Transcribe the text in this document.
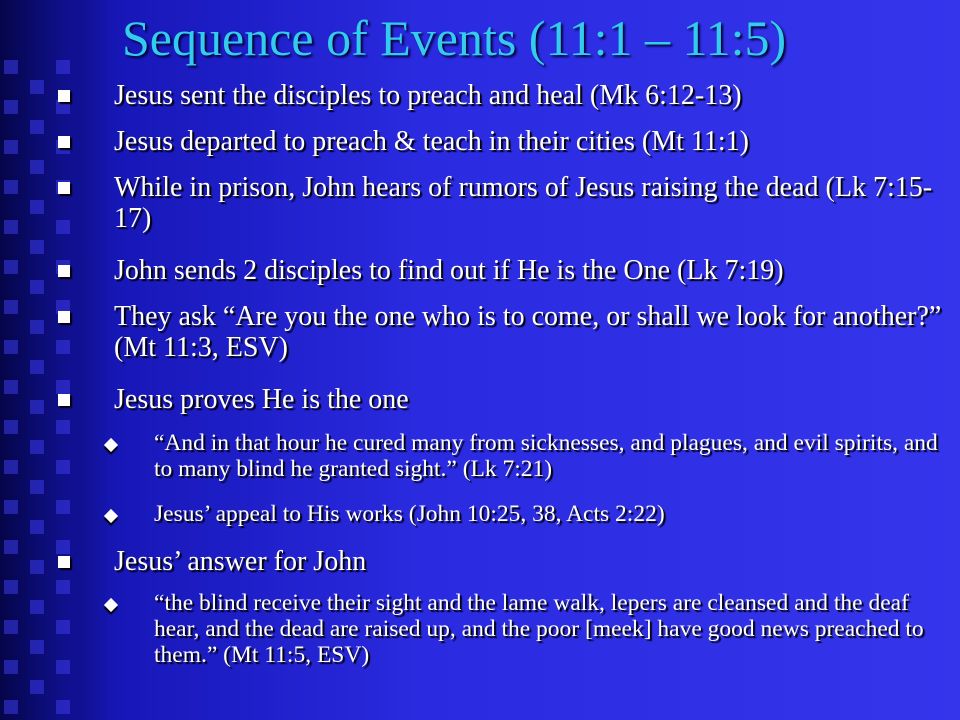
Sequence of Events (11:1 – 11:5)
Jesus sent the disciples to preach and heal (Mk 6:12-13)
Jesus departed to preach & teach in their cities (Mt 11:1)
While in prison, John hears of rumors of Jesus raising the dead (Lk 7:15-17)
John sends 2 disciples to find out if He is the One (Lk 7:19)
They ask “Are you the one who is to come, or shall we look for another?” (Mt 11:3, ESV)
Jesus proves He is the one
“And in that hour he cured many from sicknesses, and plagues, and evil spirits, and to many blind he granted sight.” (Lk 7:21)
Jesus’ appeal to His works (John 10:25, 38, Acts 2:22)
Jesus’ answer for John
“the blind receive their sight and the lame walk, lepers are cleansed and the deaf hear, and the dead are raised up, and the poor [meek] have good news preached to them.” (Mt 11:5, ESV)
